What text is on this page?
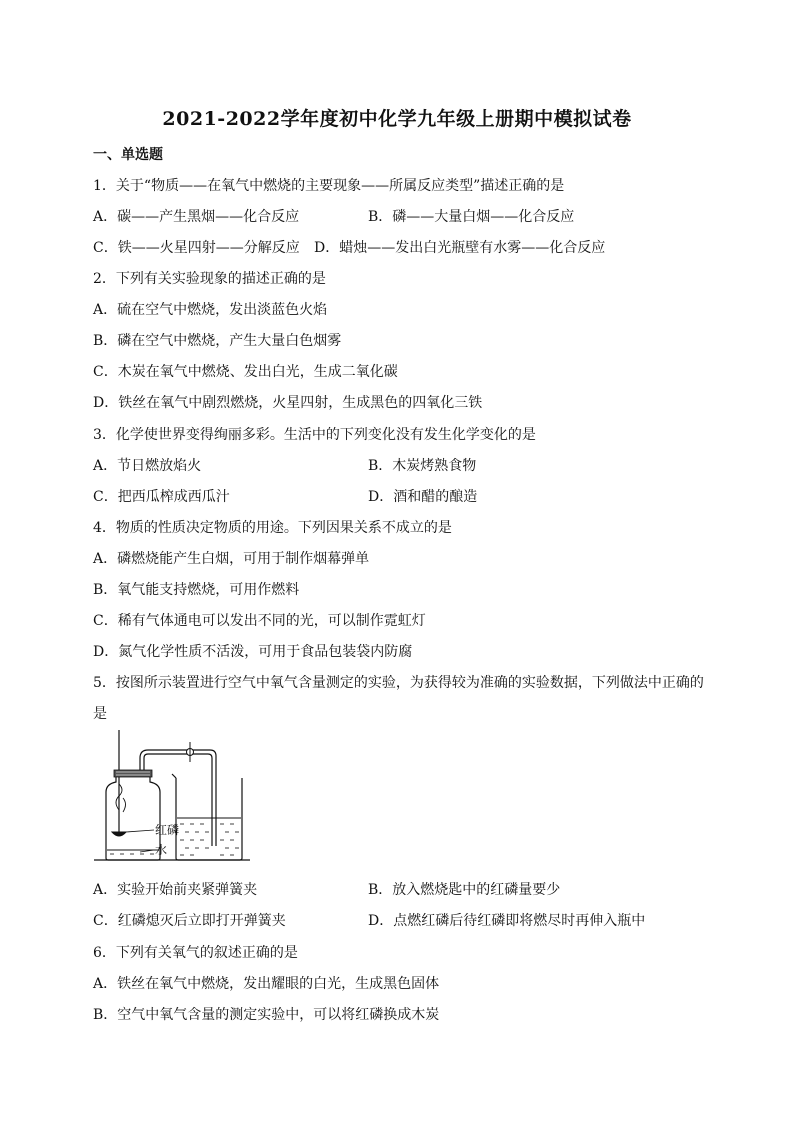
2021-2022学年度初中化学九年级上册期中模拟试卷
一、单选题
1．关于“物质——在氧气中燃烧的主要现象——所属反应类型”描述正确的是
A．碳——产生黑烟——化合反应	B．磷——大量白烟——化合反应
C．铁——火星四射——分解反应 D．蜡烛——发出白光瓶壁有水雾——化合反应
2．下列有关实验现象的描述正确的是
A．硫在空气中燃烧，发出淡蓝色火焰
B．磷在空气中燃烧，产生大量白色烟雾
C．木炭在氧气中燃烧、发出白光，生成二氧化碳
D．铁丝在氧气中剧烈燃烧，火星四射，生成黑色的四氧化三铁
3．化学使世界变得绚丽多彩。生活中的下列变化没有发生化学变化的是
A．节日燃放焰火	B．木炭烤熟食物
C．把西瓜榨成西瓜汁	D．酒和醋的酿造
4．物质的性质决定物质的用途。下列因果关系不成立的是
A．磷燃烧能产生白烟，可用于制作烟幕弹单
B．氧气能支持燃烧，可用作燃料
C．稀有气体通电可以发出不同的光，可以制作霓虹灯
D．氮气化学性质不活泼，可用于食品包装袋内防腐
5．按图所示装置进行空气中氧气含量测定的实验，为获得较为准确的实验数据，下列做法中正确的
是
红磷
水
A．实验开始前夹紧弹簧夹	B．放入燃烧匙中的红磷量要少
C．红磷熄灭后立即打开弹簧夹	D．点燃红磷后待红磷即将燃尽时再伸入瓶中
6．下列有关氧气的叙述正确的是
A．铁丝在氧气中燃烧，发出耀眼的白光，生成黑色固体
B．空气中氧气含量的测定实验中，可以将红磷换成木炭
